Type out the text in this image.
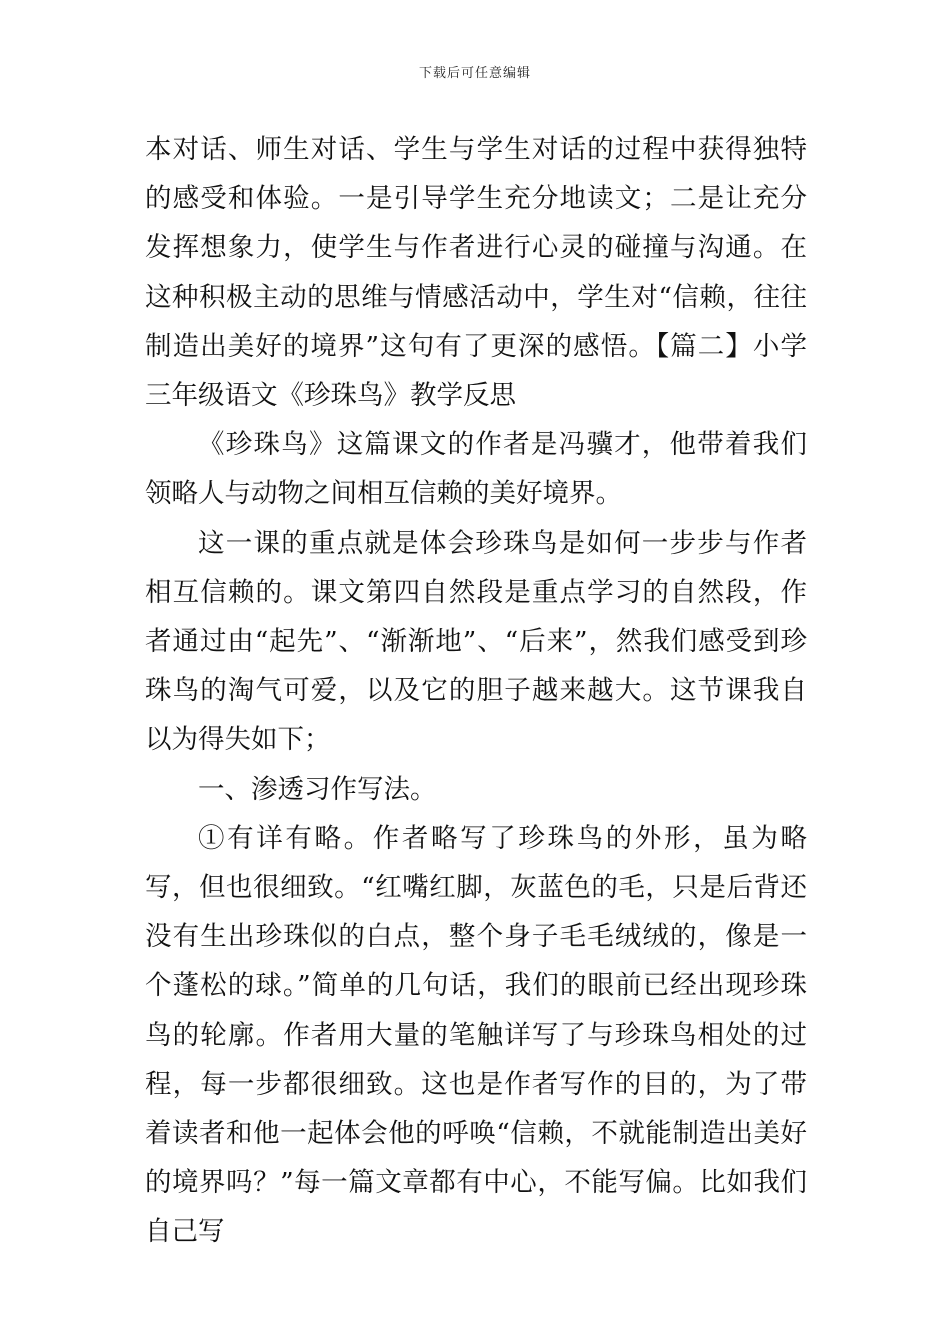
下载后可任意编辑

本对话、师生对话、学生与学生对话的过程中获得独特的感受和体验。一是引导学生充分地读文；二是让充分发挥想象力，使学生与作者进行心灵的碰撞与沟通。在这种积极主动的思维与情感活动中，学生对“信赖，往往制造出美好的境界”这句有了更深的感悟。【篇二】小学三年级语文《珍珠鸟》教学反思

《珍珠鸟》这篇课文的作者是冯骥才，他带着我们领略人与动物之间相互信赖的美好境界。

这一课的重点就是体会珍珠鸟是如何一步步与作者相互信赖的。课文第四自然段是重点学习的自然段，作者通过由“起先”、“渐渐地”、“后来”，然我们感受到珍珠鸟的淘气可爱，以及它的胆子越来越大。这节课我自以为得失如下；

一、渗透习作写法。

①有详有略。作者略写了珍珠鸟的外形，虽为略写，但也很细致。“红嘴红脚，灰蓝色的毛，只是后背还没有生出珍珠似的白点，整个身子毛毛绒绒的，像是一个蓬松的球。”简单的几句话，我们的眼前已经出现珍珠鸟的轮廓。作者用大量的笔触详写了与珍珠鸟相处的过程，每一步都很细致。这也是作者写作的目的，为了带着读者和他一起体会他的呼唤“信赖，不就能制造出美好的境界吗？”每一篇文章都有中心，不能写偏。比如我们自己写
